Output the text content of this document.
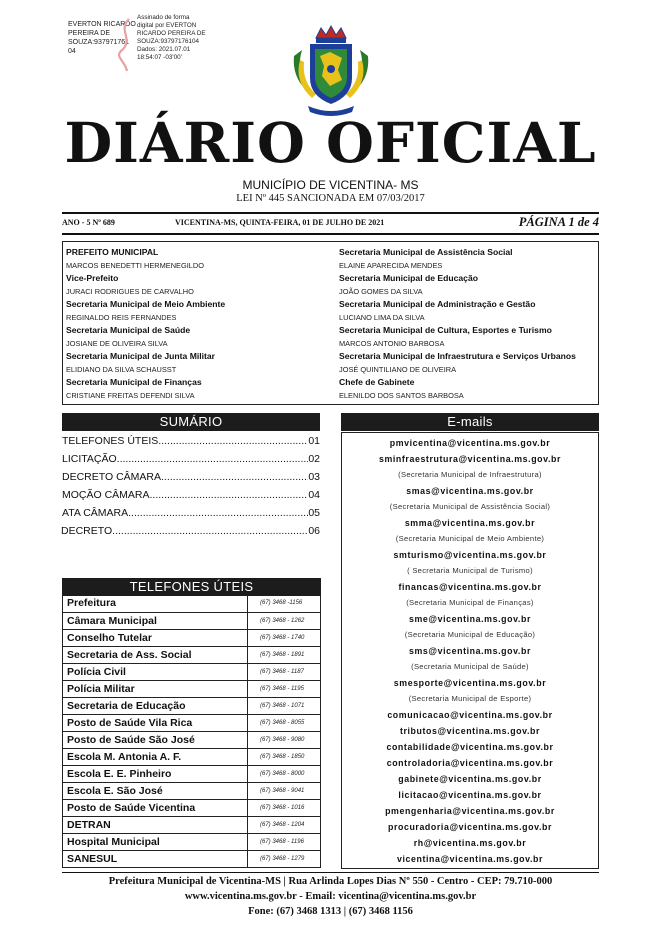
EVERTON RICARDO
PEREIRA DE
SOUZA:937971761
04
Assinado de forma
digital por EVERTON
RICARDO PEREIRA DE
SOUZA:93797176104
Dados: 2021.07.01
18:54:07 -03'00'
DIÁRIO OFICIAL
MUNICÍPIO DE VICENTINA- MS
LEI Nº 445 SANCIONADA EM 07/03/2017
ANO - 5 Nº 689	VICENTINA-MS, QUINTA-FEIRA, 01 DE JULHO DE 2021	PÁGINA 1 de 4
PREFEITO MUNICIPAL
MARCOS BENEDETTI HERMENEGILDO
Vice-Prefeito
JURACI RODRIGUES DE CARVALHO
Secretaria Municipal de Meio Ambiente
REGINALDO REIS FERNANDES
Secretaria Municipal de Saúde
JOSIANE DE OLIVEIRA SILVA
Secretaria Municipal de Junta Militar
ELIDIANO DA SILVA SCHAUSST
Secretaria Municipal de Finanças
CRISTIANE FREITAS DEFENDI SILVA
Secretaria Municipal de Assistência Social
ELAINE APARECIDA MENDES
Secretaria Municipal de Educação
JOÃO GOMES DA SILVA
Secretaria Municipal de Administração e Gestão
LUCIANO LIMA DA SILVA
Secretaria Municipal de Cultura, Esportes e Turismo
MARCOS ANTONIO BARBOSA
Secretaria Municipal de Infraestrutura e Serviços Urbanos
JOSÉ QUINTILIANO DE OLIVEIRA
Chefe de Gabinete
ELENILDO DOS SANTOS BARBOSA
SUMÁRIO
TELEFONES ÚTEIS .....	01
LICITAÇÃO .....	02
DECRETO CÂMARA .....	03
MOÇÃO CÂMARA .....	04
ATA CÂMARA .....	05
DECRETO .....	06
TELEFONES ÚTEIS
Prefeitura	(67) 3468 -1156
Câmara Municipal	(67) 3468 - 1262
Conselho Tutelar	(67) 3468 - 1740
Secretaria de Ass. Social	(67) 3468 - 1891
Polícia Civil	(67) 3468 - 1187
Polícia Militar	(67) 3468 - 1195
Secretaria de Educação	(67) 3468 - 1071
Posto de Saúde Vila Rica	(67) 3468 - 8055
Posto de Saúde São José	(67) 3468 - 9080
Escola M. Antonia A. F.	(67) 3468 - 1850
Escola E. E. Pinheiro	(67) 3468 - 8000
Escola E. São José	(67) 3468 - 9041
Posto de Saúde Vicentina	(67) 3468 - 1016
DETRAN	(67) 3468 - 1204
Hospital Municipal	(67) 3468 - 1196
SANESUL	(67) 3468 - 1279
E-mails
pmvicentina@vicentina.ms.gov.br
sminfraestrutura@vicentina.ms.gov.br
(Secretaria Municipal de Infraestrutura)
smas@vicentina.ms.gov.br
(Secretaria Municipal de Assistência Social)
smma@vicentina.ms.gov.br
(Secretaria Municipal de Meio Ambiente)
smturismo@vicentina.ms.gov.br
( Secretaria Municipal de Turismo)
financas@vicentina.ms.gov.br
(Secretaria Municipal de Finanças)
sme@vicentina.ms.gov.br
(Secretaria Municipal de Educação)
sms@vicentina.ms.gov.br
(Secretaria Municipal de Saúde)
smesporte@vicentina.ms.gov.br
(Secretaria Municipal de Esporte)
comunicacao@vicentina.ms.gov.br
tributos@vicentina.ms.gov.br
contabilidade@vicentina.ms.gov.br
controladoria@vicentina.ms.gov.br
gabinete@vicentina.ms.gov.br
licitacao@vicentina.ms.gov.br
pmengenharia@vicentina.ms.gov.br
procuradoria@vicentina.ms.gov.br
rh@vicentina.ms.gov.br
vicentina@vicentina.ms.gov.br
Prefeitura Municipal de Vicentina-MS | Rua Arlinda Lopes Dias Nº 550 - Centro - CEP: 79.710-000
www.vicentina.ms.gov.br - Email: vicentina@vicentina.ms.gov.br
Fone: (67) 3468 1313 | (67) 3468 1156
